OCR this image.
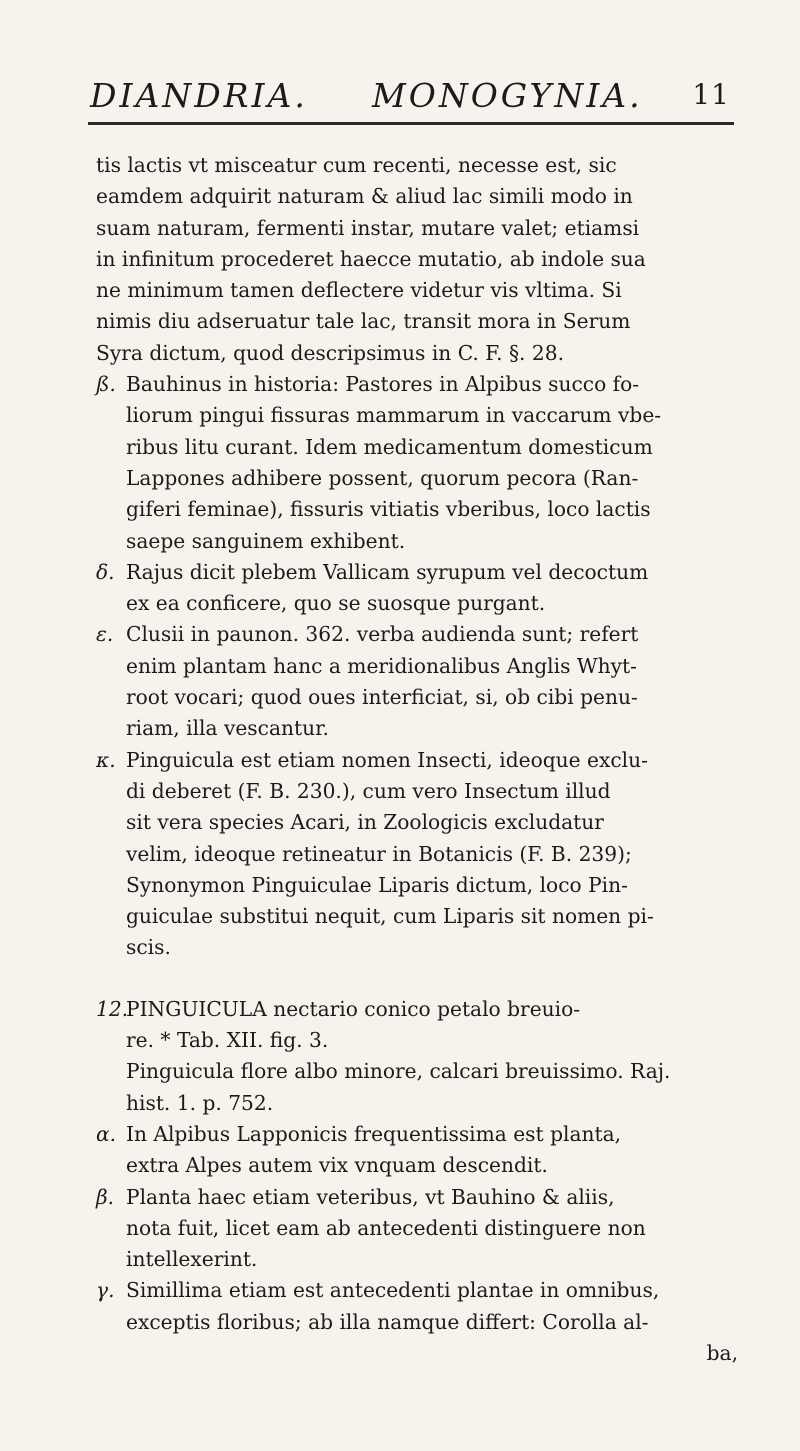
DIANDRIA. MONOGYNIA. 11
tis lactis vt misceatur cum recenti, necesse est, sic
eamdem adquirit naturam & aliud lac simili modo in
suam naturam, fermenti instar, mutare valet; etiamsi
in infinitum procederet haecce mutatio, ab indole sua
ne minimum tamen deflectere videtur vis vltima. Si
nimis diu adseruatur tale lac, transit mora in Serum
Syra dictum, quod descripsimus in C. F. §. 28.
ß. Bauhinus in historia: Pastores in Alpibus succo fo-
liorum pingui fissuras mammarum in vaccarum vbe-
ribus litu curant. Idem medicamentum domesticum
Lappones adhibere possent, quorum pecora (Ran-
giferi feminae), fissuris vitiatis vberibus, loco lactis
saepe sanguinem exhibent.
δ. Rajus dicit plebem Vallicam syrupum vel decoctum
ex ea conficere, quo se suosque purgant.
ε. Clusii in paunon. 362. verba audienda sunt; refert
enim plantam hanc a meridionalibus Anglis Whyt-
root vocari; quod oues interficiat, si, ob cibi penu-
riam, illa vescantur.
κ. Pinguicula est etiam nomen Insecti, ideoque exclu-
di deberet (F. B. 230.), cum vero Insectum illud
sit vera species Acari, in Zoologicis excludatur
velim, ideoque retineatur in Botanicis (F. B. 239);
Synonymon Pinguiculae Liparis dictum, loco Pin-
guiculae substitui nequit, cum Liparis sit nomen pi-
scis.
12.PINGUICULA nectario conico petalo breuio-
re. * Tab. XII. fig. 3.
Pinguicula flore albo minore, calcari breuissimo. Raj.
hist. 1. p. 752.
α. In Alpibus Lapponicis frequentissima est planta,
extra Alpes autem vix vnquam descendit.
β. Planta haec etiam veteribus, vt Bauhino & aliis,
nota fuit, licet eam ab antecedenti distinguere non
intellexerint.
γ. Simillima etiam est antecedenti plantae in omnibus,
exceptis floribus; ab illa namque differt: Corolla al-
ba,
